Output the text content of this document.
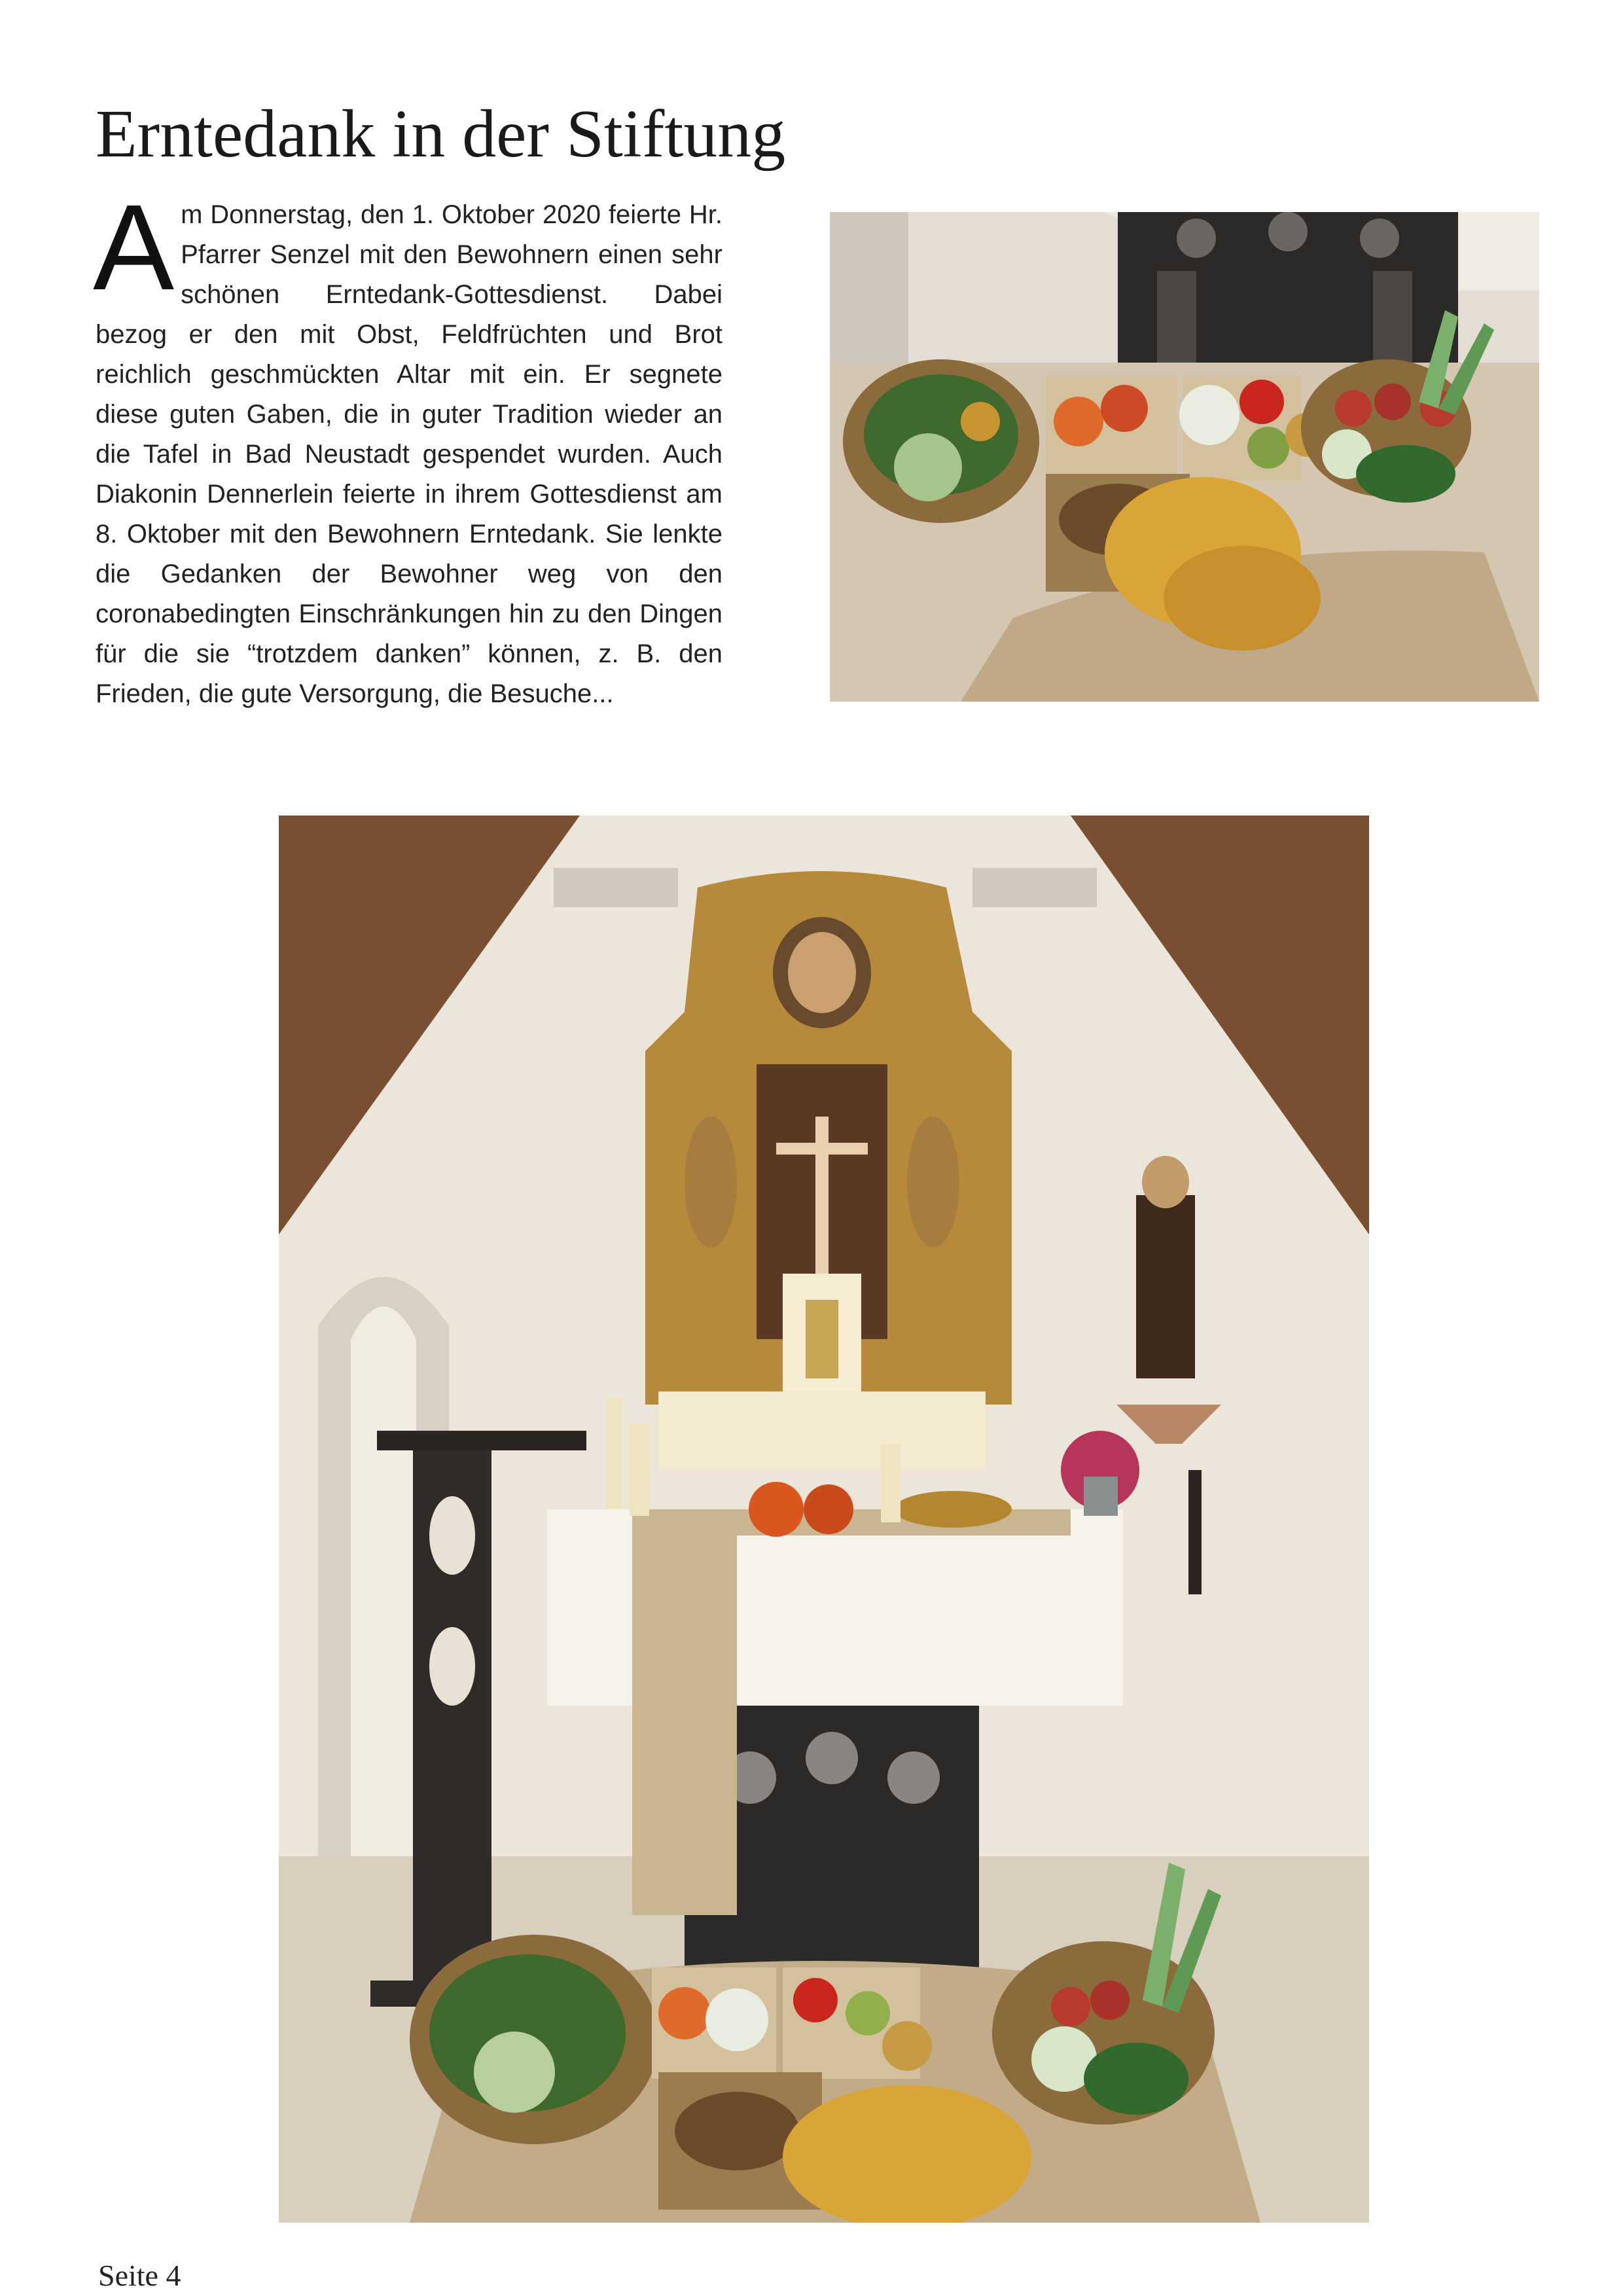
Erntedank in der Stiftung

Am Donnerstag, den 1. Oktober 2020 feierte Hr. Pfarrer Senzel mit den Bewohnern einen sehr schönen Erntedank-Gottesdienst. Dabei bezog er den mit Obst, Feldfrüchten und Brot reichlich geschmückten Altar mit ein. Er segnete diese guten Gaben, die in guter Tradition wieder an die Tafel in Bad Neustadt gespendet wurden. Auch Diakonin Dennerlein feierte in ihrem Gottesdienst am 8. Oktober mit den Bewohnern Erntedank. Sie lenkte die Gedanken der Bewohner weg von den coronabedingten Einschränkungen hin zu den Dingen für die sie “trotzdem danken” können, z. B. den Frieden, die gute Versorgung, die Besuche...

Seite 4
